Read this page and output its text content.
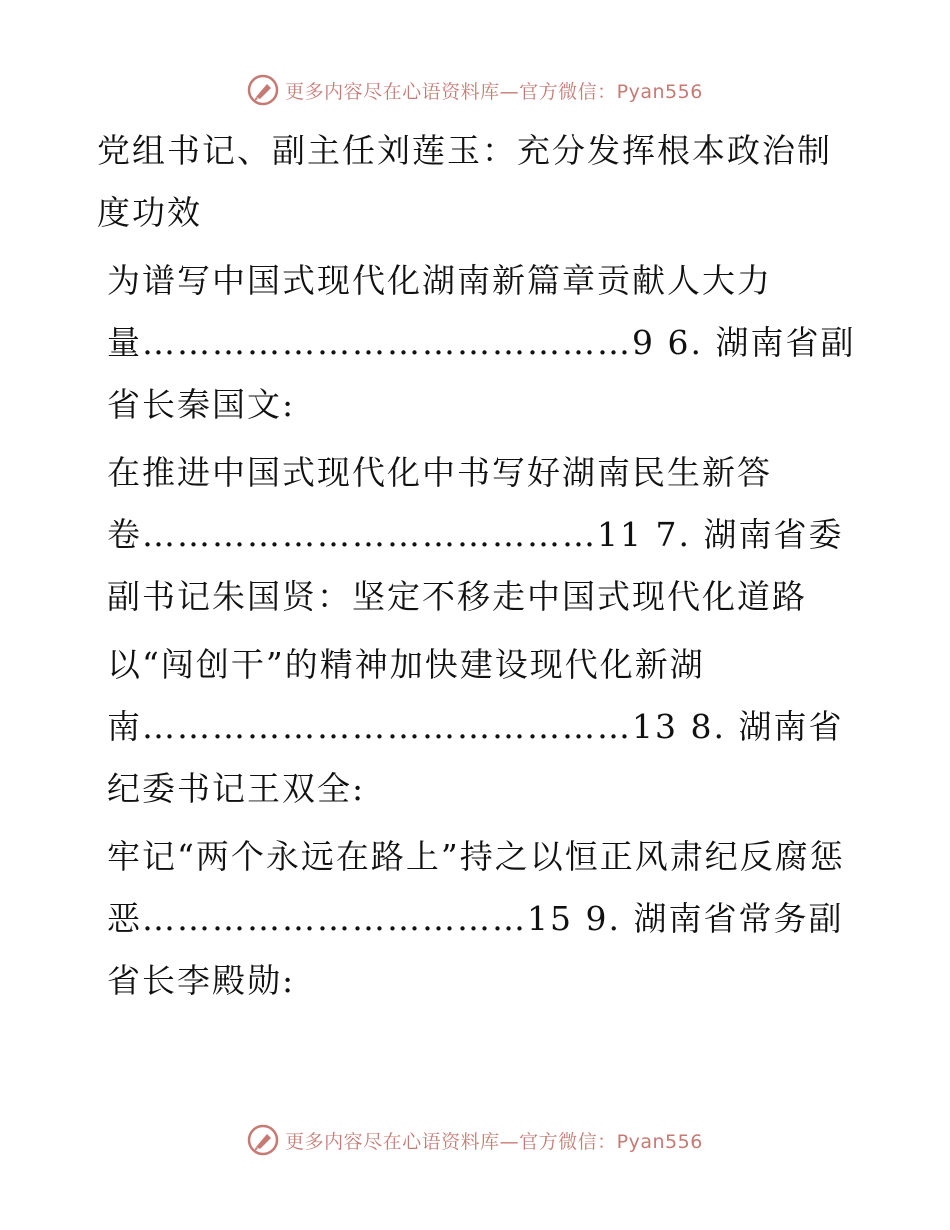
更多内容尽在心语资料库—官方微信：Pyan556

党组书记、副主任刘莲玉：充分发挥根本政治制度功效

为谱写中国式现代化湖南新篇章贡献人大力量……………………………………9 6. 湖南省副省长秦国文:

在推进中国式现代化中书写好湖南民生新答卷…………………………………11 7. 湖南省委副书记朱国贤：坚定不移走中国式现代化道路

以“闯创干”的精神加快建设现代化新湖南……………………………………13 8. 湖南省纪委书记王双全:

牢记“两个永远在路上”持之以恒正风肃纪反腐惩恶……………………………15 9. 湖南省常务副省长李殿勋:

更多内容尽在心语资料库—官方微信：Pyan556
